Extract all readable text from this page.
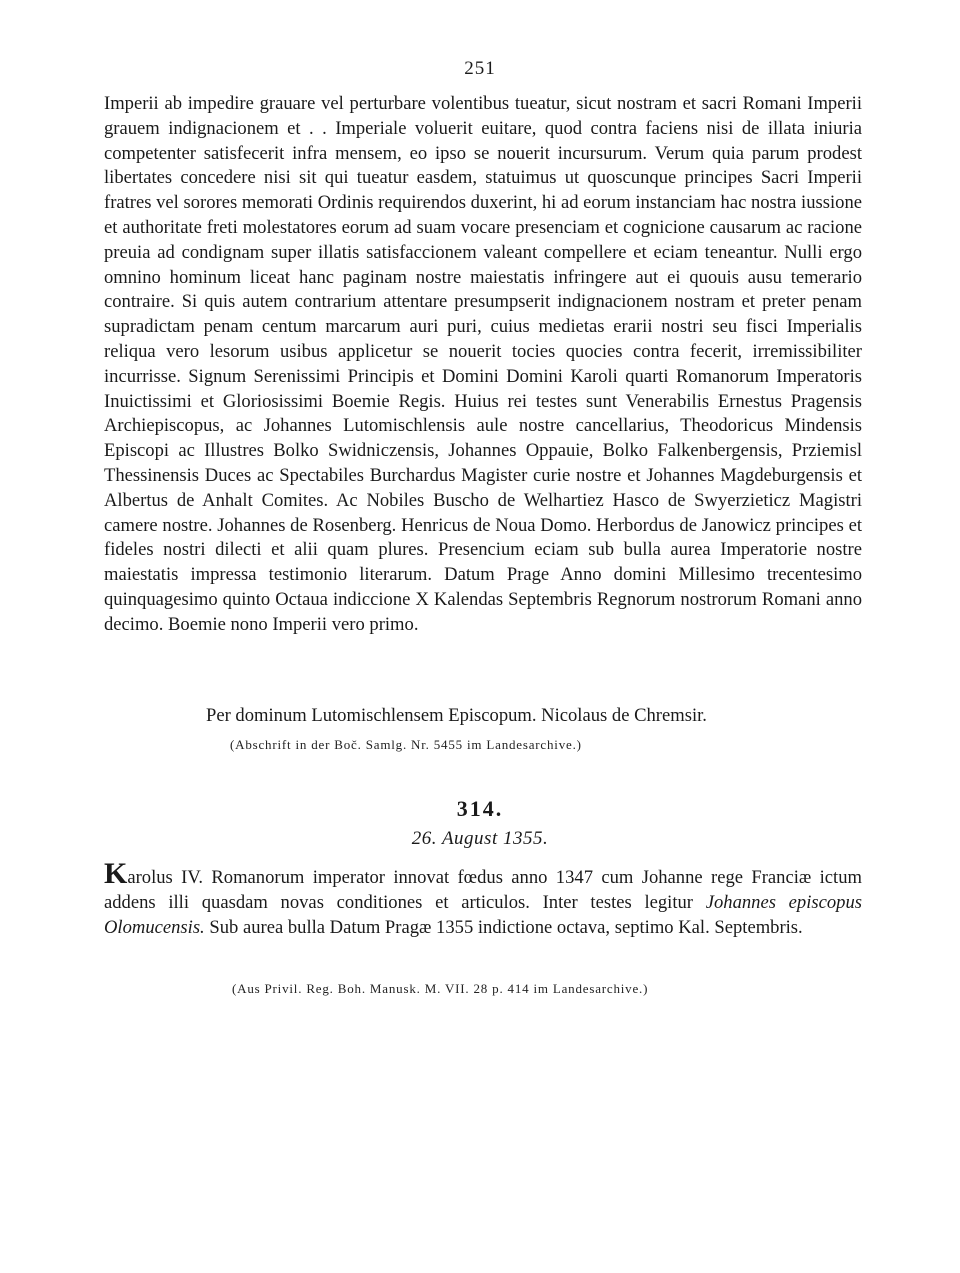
251

Imperii ab impedire grauare vel perturbare volentibus tueatur, sicut nostram et sacri Romani Imperii grauem indignacionem et . . Imperiale voluerit euitare, quod contra faciens nisi de illata iniuria competenter satisfecerit infra mensem, eo ipso se nouerit incursurum. Verum quia parum prodest libertates concedere nisi sit qui tueatur easdem, statuimus ut quoscunque principes Sacri Imperii fratres vel sorores memorati Ordinis requirendos duxerint, hi ad eorum instanciam hac nostra iussione et authoritate freti molestatores eorum ad suam vocare presenciam et cognicione causarum ac racione preuia ad condignam super illatis satisfaccionem valeant compellere et eciam teneantur. Nulli ergo omnino hominum liceat hanc paginam nostre maiestatis infringere aut ei quouis ausu temerario contraire. Si quis autem contrarium attentare presumpserit indignacionem nostram et preter penam supradictam penam centum marcarum auri puri, cuius medietas erarii nostri seu fisci Imperialis reliqua vero lesorum usibus applicetur se nouerit tocies quocies contra fecerit, irremissibiliter incurrisse. Signum Serenissimi Principis et Domini Domini Karoli quarti Romanorum Imperatoris Inuictissimi et Gloriosissimi Boemie Regis. Huius rei testes sunt Venerabilis Ernestus Pragensis Archiepiscopus, ac Johannes Lutomischlensis aule nostre cancellarius, Theodoricus Mindensis Episcopi ac Illustres Bolko Swidniczensis, Johannes Oppauie, Bolko Falkenbergensis, Prziemisl Thessinensis Duces ac Spectabiles Burchardus Magister curie nostre et Johannes Magdeburgensis et Albertus de Anhalt Comites. Ac Nobiles Buscho de Welhartiez Hasco de Swyerzieticz Magistri camere nostre. Johannes de Rosenberg. Henricus de Noua Domo. Herbordus de Janowicz principes et fideles nostri dilecti et alii quam plures. Presencium eciam sub bulla aurea Imperatorie nostre maiestatis impressa testimonio literarum. Datum Prage Anno domini Millesimo trecentesimo quinquagesimo quinto Octaua indiccione X Kalendas Septembris Regnorum nostrorum Romani anno decimo. Boemie nono Imperii vero primo.

Per dominum Lutomischlensem Episcopum. Nicolaus de Chremsir.
(Abschrift in der Boč. Samlg. Nr. 5455 im Landesarchive.)
314.
26. August 1355.

Karolus IV. Romanorum imperator innovat fœdus anno 1347 cum Johanne rege Franciæ ictum addens illi quasdam novas conditiones et articulos. Inter testes legitur Johannes episcopus Olomucensis. Sub aurea bulla Datum Pragæ 1355 indictione octava, septimo Kal. Septembris.

(Aus Privil. Reg. Boh. Manusk. M. VII. 28 p. 414 im Landesarchive.)
